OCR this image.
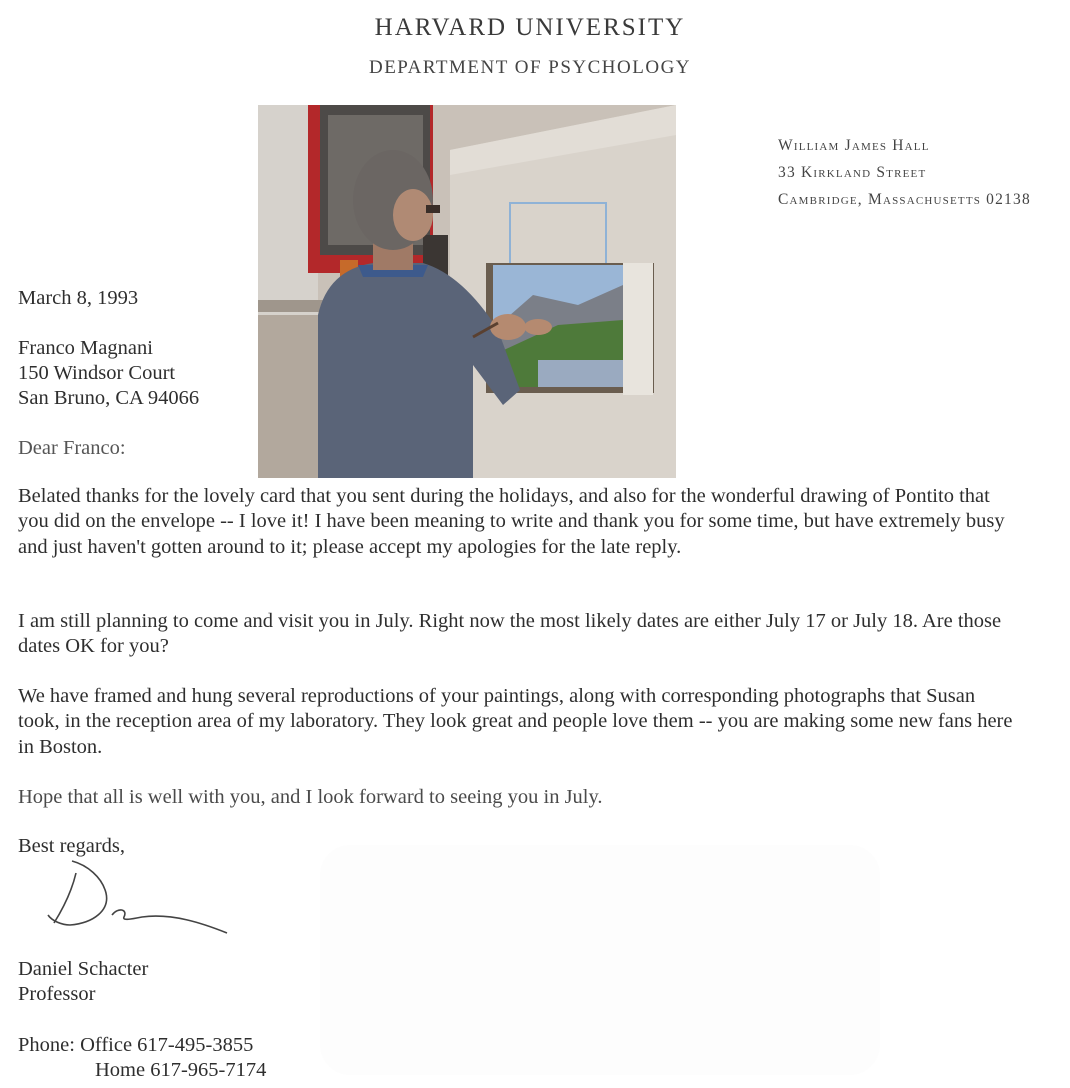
HARVARD UNIVERSITY
DEPARTMENT OF PSYCHOLOGY
William James Hall
33 Kirkland Street
Cambridge, Massachusetts 02138
March 8, 1993
Franco Magnani
150 Windsor Court
San Bruno, CA 94066
Dear Franco:
Belated thanks for the lovely card that you sent during the holidays, and also for the wonderful drawing of Pontito that you did on the envelope -- I love it! I have been meaning to write and thank you for some time, but have extremely busy and just haven't gotten around to it; please accept my apologies for the late reply.
I am still planning to come and visit you in July. Right now the most likely dates are either July 17 or July 18. Are those dates OK for you?
We have framed and hung several reproductions of your paintings, along with corresponding photographs that Susan took, in the reception area of my laboratory. They look great and people love them -- you are making some new fans here in Boston.
Hope that all is well with you, and I look forward to seeing you in July.
Best regards,
Daniel Schacter
Professor
Phone: Office 617-495-3855
Home 617-965-7174
